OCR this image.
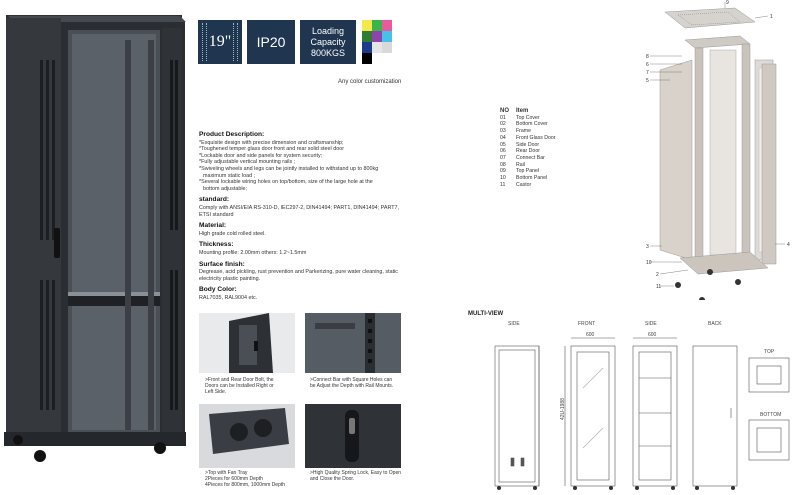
19" IP20
Loading
Capacity
800KGS
Any color customization
Product Description:

*Exquisite design with precise dimension and craftsmanship;

*Toughened temper glass door front and rear solid steel door

*Lockable door and side panels for system security;

*Fully adjustable vertical mounting rails ;

*Swiveling wheels and legs can be jointly installed to withstand up to 800kg

maximum static load ;

*Several lockable wiring holes on top/bottom, size of the large hole at the

bottom adjustable;

standard:

Comply with ANSI/EIA RS-310-D, IEC297-2, DIN41494; PART1, DIN41494; PART7, ETSI standard

Material:

High grade cold rolled steel.

Thickness:

Mounting profile: 2.00mm others: 1.2~1.5mm

Surface finish:

Degrease, acid pickling, rust prevention and Parkerizing, pure water cleaning, static electricity plastic painting.

Body Color:

RAL7035, RAL9004 etc.

>Front and Rear Door Bolt, the
Doors can be Installed Right or
Left Side.
>Connect Bar with Square Holes can
be Adjust the Depth with Rail Mounts.
>Top with Fan Tray
2Pieces for 600mm Depth
4Pieces for 800mm, 1000mm Depth
>High Quality Spring Lock, Easy to Open
and Close the Door.
NO Item
01 Top Cover
02 Bottom Cover
03 Frame
04 Front Glass Door
05 Side Door
06 Rear Door
07 Connect Bar
08 Rail
09 Top Panel
10 Bottom Panel
11 Castor
9
1
8
6
7
5
3	4
10
2
11
MULTI-VIEW
SIDE	FRONT	SIDE	BACK
600	600
42U-1988
TOP
BOTTOM
